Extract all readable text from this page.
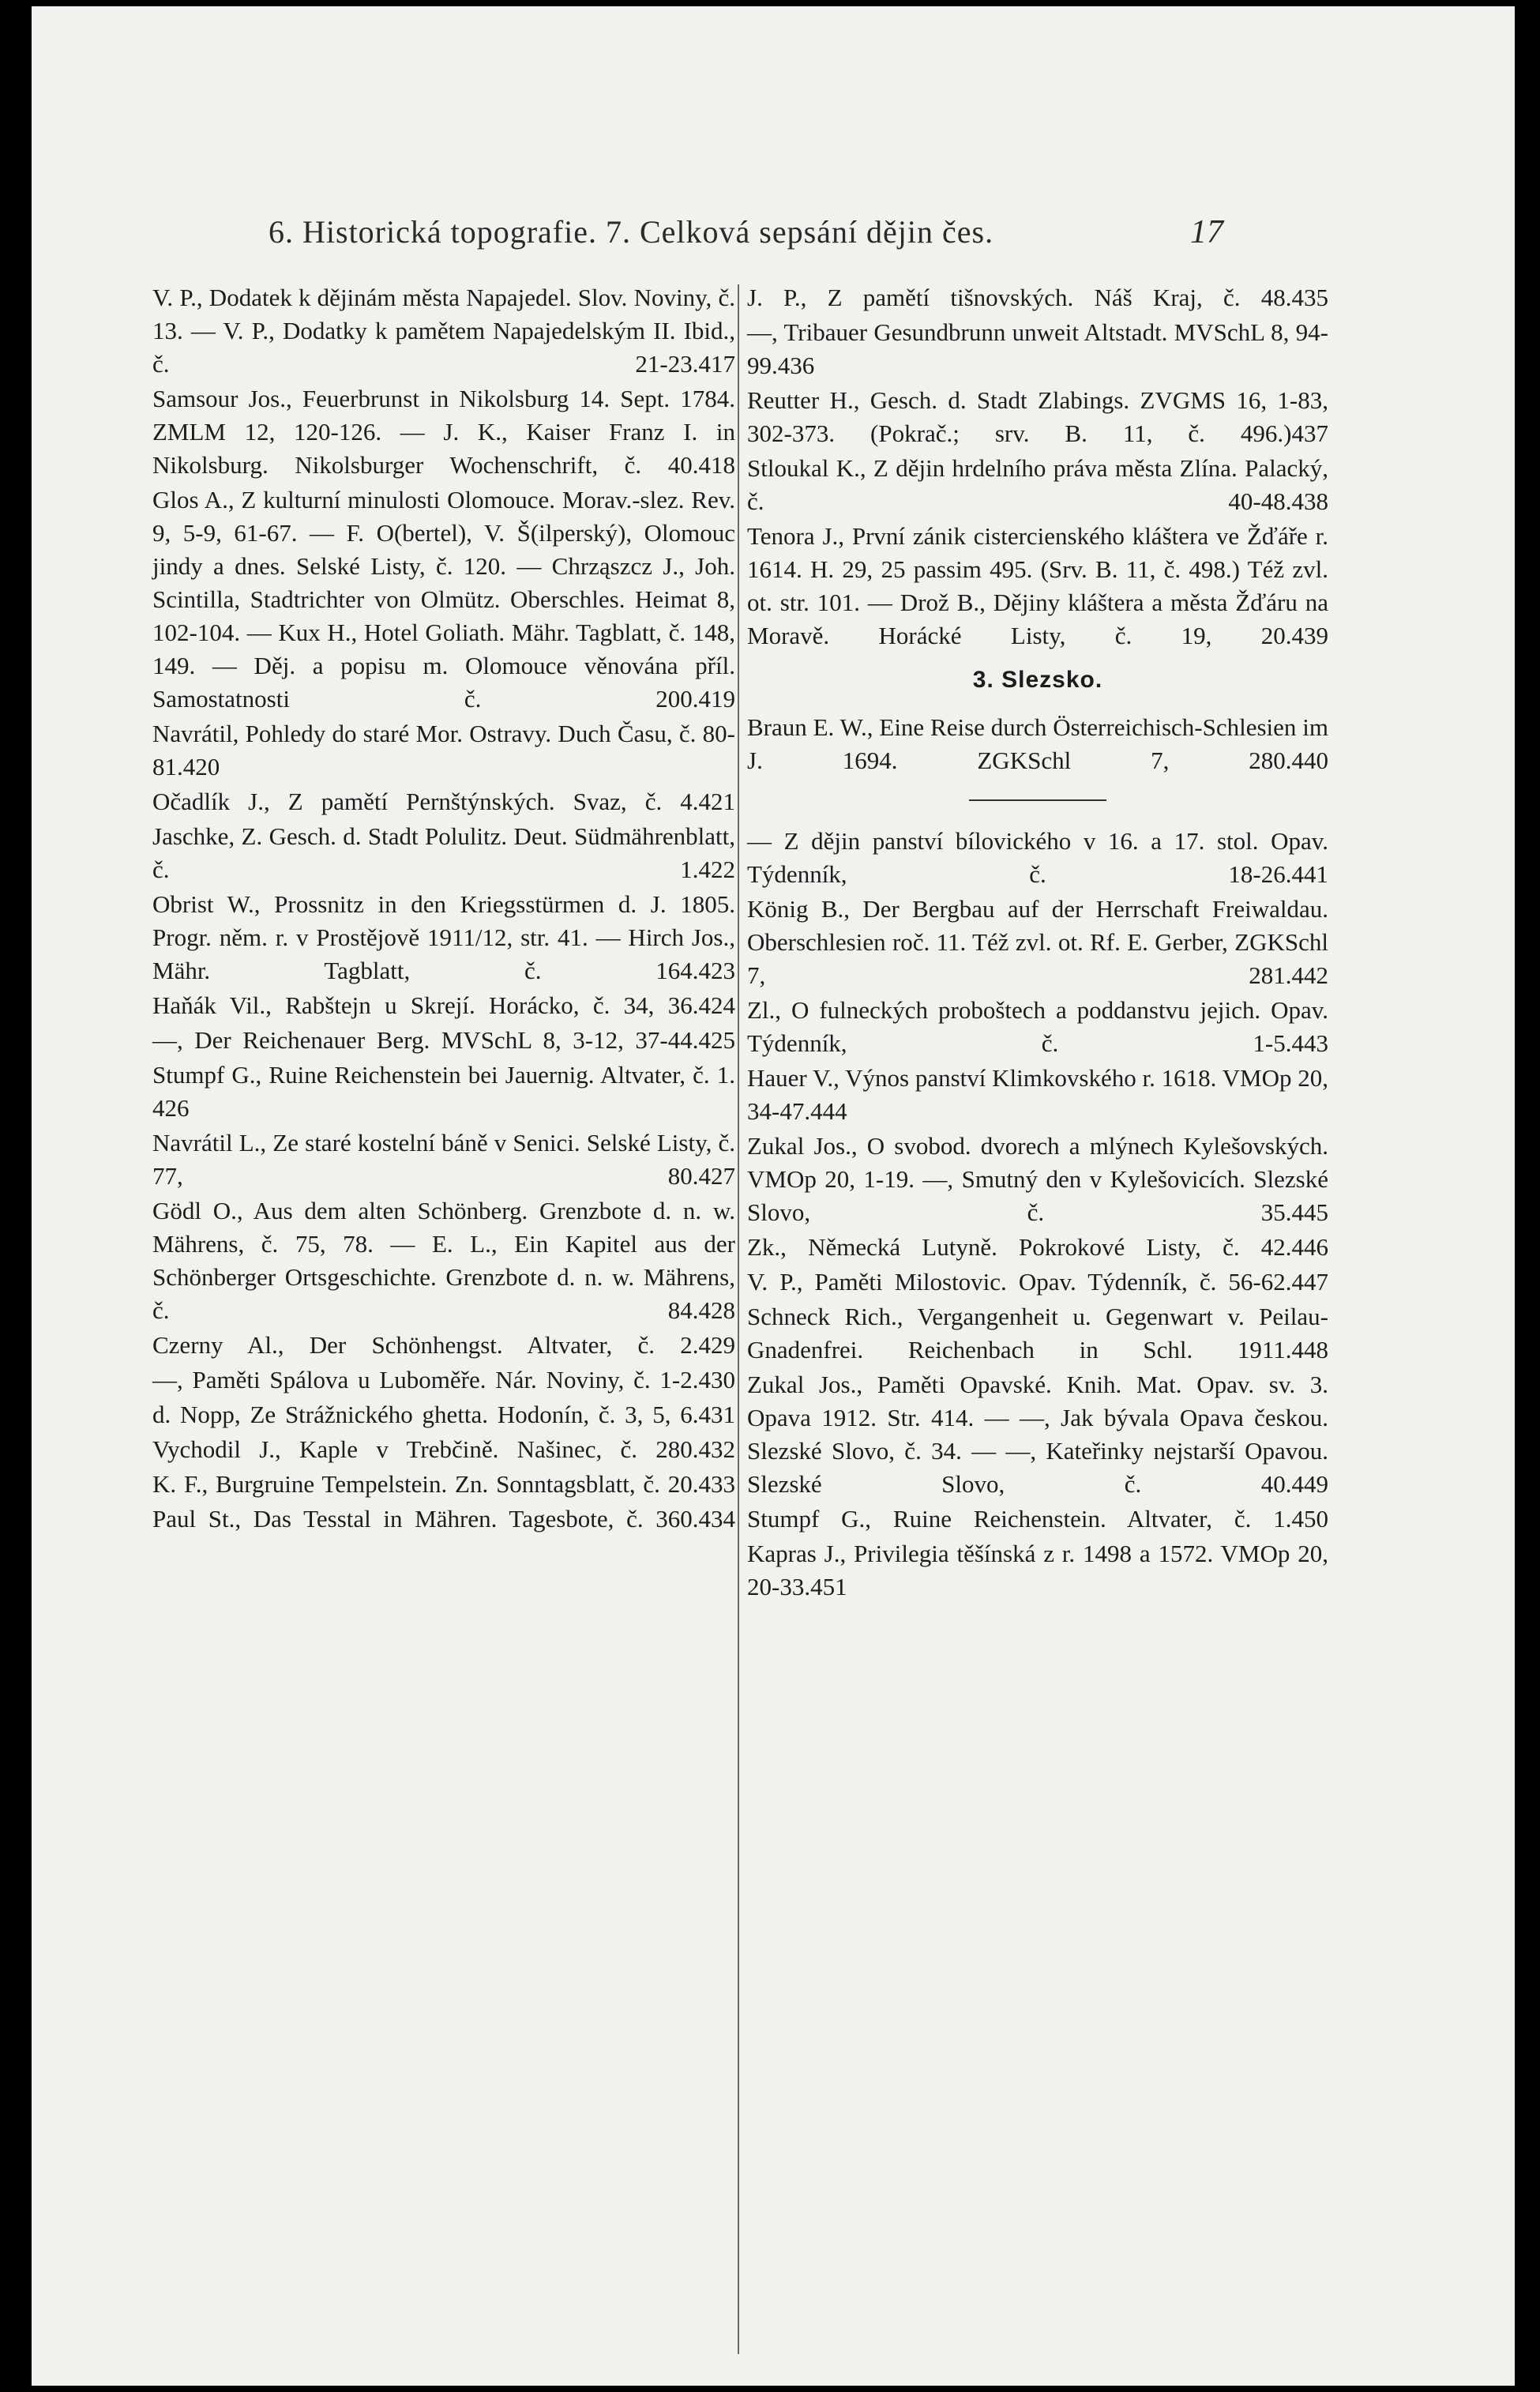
6. Historická topografie. 7. Celková sepsání dějin čes.	17
V. P., Dodatek k dějinám města Napajedel. Slov. Noviny, č. 13. — V. P., Dodatky k pamětem Napajedelským II. Ibid., č. 21-23.417
Samsour Jos., Feuerbrunst in Nikolsburg 14. Sept. 1784. ZMLM 12, 120-126. — J. K., Kaiser Franz I. in Nikolsburg. Nikolsburger Wochenschrift, č. 40.418
Glos A., Z kulturní minulosti Olomouce. Morav.-slez. Rev. 9, 5-9, 61-67. — F. O(bertel), V. Š(ilperský), Olomouc jindy a dnes. Selské Listy, č. 120. — Chrząszcz J., Joh. Scintilla, Stadtrichter von Olmütz. Oberschles. Heimat 8, 102-104. — Kux H., Hotel Goliath. Mähr. Tagblatt, č. 148, 149. — Děj. a popisu m. Olomouce věnována příl. Samostatnosti č. 200.419
Navrátil, Pohledy do staré Mor. Ostravy. Duch Času, č. 80-81.420
Očadlík J., Z pamětí Pernštýnských. Svaz, č. 4.421
Jaschke, Z. Gesch. d. Stadt Polulitz. Deut. Südmährenblatt, č. 1.422
Obrist W., Prossnitz in den Kriegsstürmen d. J. 1805. Progr. něm. r. v Prostějově 1911/12, str. 41. — Hirch Jos., Mähr. Tagblatt, č. 164.423
Haňák Vil., Rabštejn u Skrejí. Horácko, č. 34, 36.424
—, Der Reichenauer Berg. MVSchL 8, 3-12, 37-44.425
Stumpf G., Ruine Reichenstein bei Jauernig. Altvater, č. 1.426
Navrátil L., Ze staré kostelní báně v Senici. Selské Listy, č. 77, 80.427
Gödl O., Aus dem alten Schönberg. Grenzbote d. n. w. Mährens, č. 75, 78. — E. L., Ein Kapitel aus der Schönberger Ortsgeschichte. Grenzbote d. n. w. Mährens, č. 84.428
Czerny Al., Der Schönhengst. Altvater, č. 2.429
—, Paměti Spálova u Luboměře. Nár. Noviny, č. 1-2.430
d. Nopp, Ze Strážnického ghetta. Hodonín, č. 3, 5, 6.431
Vychodil J., Kaple v Trebčině. Našinec, č. 280.432
K. F., Burgruine Tempelstein. Zn. Sonntagsblatt, č. 20.433
Paul St., Das Tesstal in Mähren. Tagesbote, č. 360.434
J. P., Z pamětí tišnovských. Náš Kraj, č. 48.435
—, Tribauer Gesundbrunn unweit Altstadt. MVSchL 8, 94-99.436
Reutter H., Gesch. d. Stadt Zlabings. ZVGMS 16, 1-83, 302-373. (Pokrač.; srv. B. 11, č. 496.)437
Stloukal K., Z dějin hrdelního práva města Zlína. Palacký, č. 40-48.438
Tenora J., První zánik cistercienského kláštera ve Žďáře r. 1614. H. 29, 25 passim 495. (Srv. B. 11, č. 498.) Též zvl. ot. str. 101. — Drož B., Dějiny kláštera a města Žďáru na Moravě. Horácké Listy, č. 19, 20.439
3. Slezsko.
Braun E. W., Eine Reise durch Österreichisch-Schlesien im J. 1694. ZGKSchl 7, 280.440
— Z dějin panství bílovického v 16. a 17. stol. Opav. Týdenník, č. 18-26.441
König B., Der Bergbau auf der Herrschaft Freiwaldau. Oberschlesien roč. 11. Též zvl. ot. Rf. E. Gerber, ZGKSchl 7, 281.442
Zl., O fulneckých proboštech a poddanstvu jejich. Opav. Týdenník, č. 1-5.443
Hauer V., Výnos panství Klimkovského r. 1618. VMOp 20, 34-47.444
Zukal Jos., O svobod. dvorech a mlýnech Kylešovských. VMOp 20, 1-19. —, Smutný den v Kylešovicích. Slezské Slovo, č. 35.445
Zk., Německá Lutyně. Pokrokové Listy, č. 42.446
V. P., Paměti Milostovic. Opav. Týdenník, č. 56-62.447
Schneck Rich., Vergangenheit u. Gegenwart v. Peilau-Gnadenfrei. Reichenbach in Schl. 1911.448
Zukal Jos., Paměti Opavské. Knih. Mat. Opav. sv. 3. Opava 1912. Str. 414. — —, Jak bývala Opava českou. Slezské Slovo, č. 34. — —, Kateřinky nejstarší Opavou. Slezské Slovo, č. 40.449
Stumpf G., Ruine Reichenstein. Altvater, č. 1.450
Kapras J., Privilegia těšínská z r. 1498 a 1572. VMOp 20, 20-33.451
